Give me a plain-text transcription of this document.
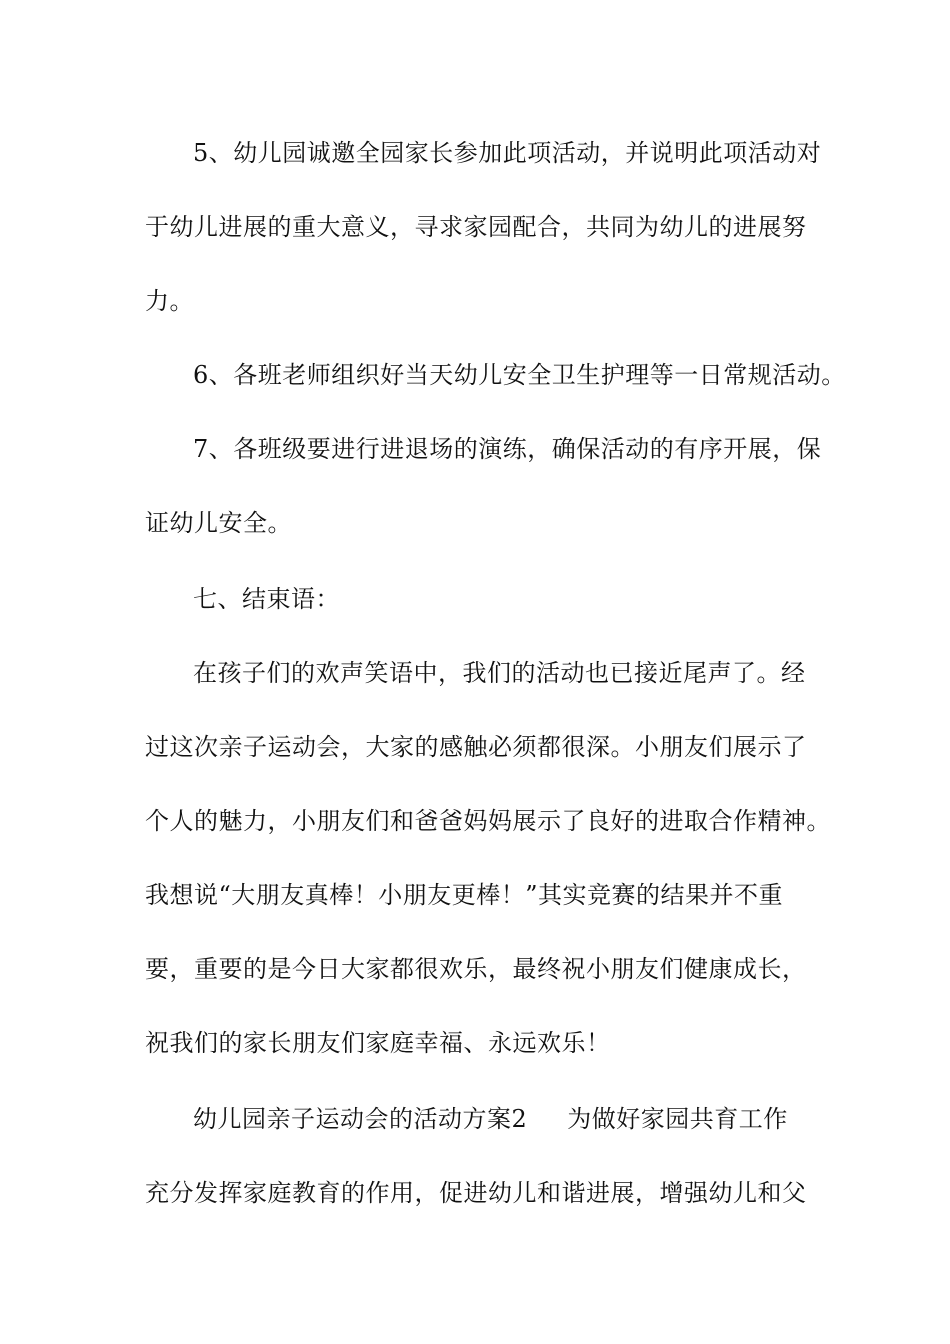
5、幼儿园诚邀全园家长参加此项活动，并说明此项活动对
于幼儿进展的重大意义，寻求家园配合，共同为幼儿的进展努
力。
6、各班老师组织好当天幼儿安全卫生护理等一日常规活动。
7、各班级要进行进退场的演练，确保活动的有序开展，保
证幼儿安全。
七、结束语：
在孩子们的欢声笑语中，我们的活动也已接近尾声了。经
过这次亲子运动会，大家的感触必须都很深。小朋友们展示了
个人的魅力，小朋友们和爸爸妈妈展示了良好的进取合作精神。
我想说“大朋友真棒！小朋友更棒！”其实竞赛的结果并不重
要，重要的是今日大家都很欢乐，最终祝小朋友们健康成长，
祝我们的家长朋友们家庭幸福、永远欢乐！
幼儿园亲子运动会的活动方案2 为做好家园共育工作
充分发挥家庭教育的作用，促进幼儿和谐进展，增强幼儿和父
